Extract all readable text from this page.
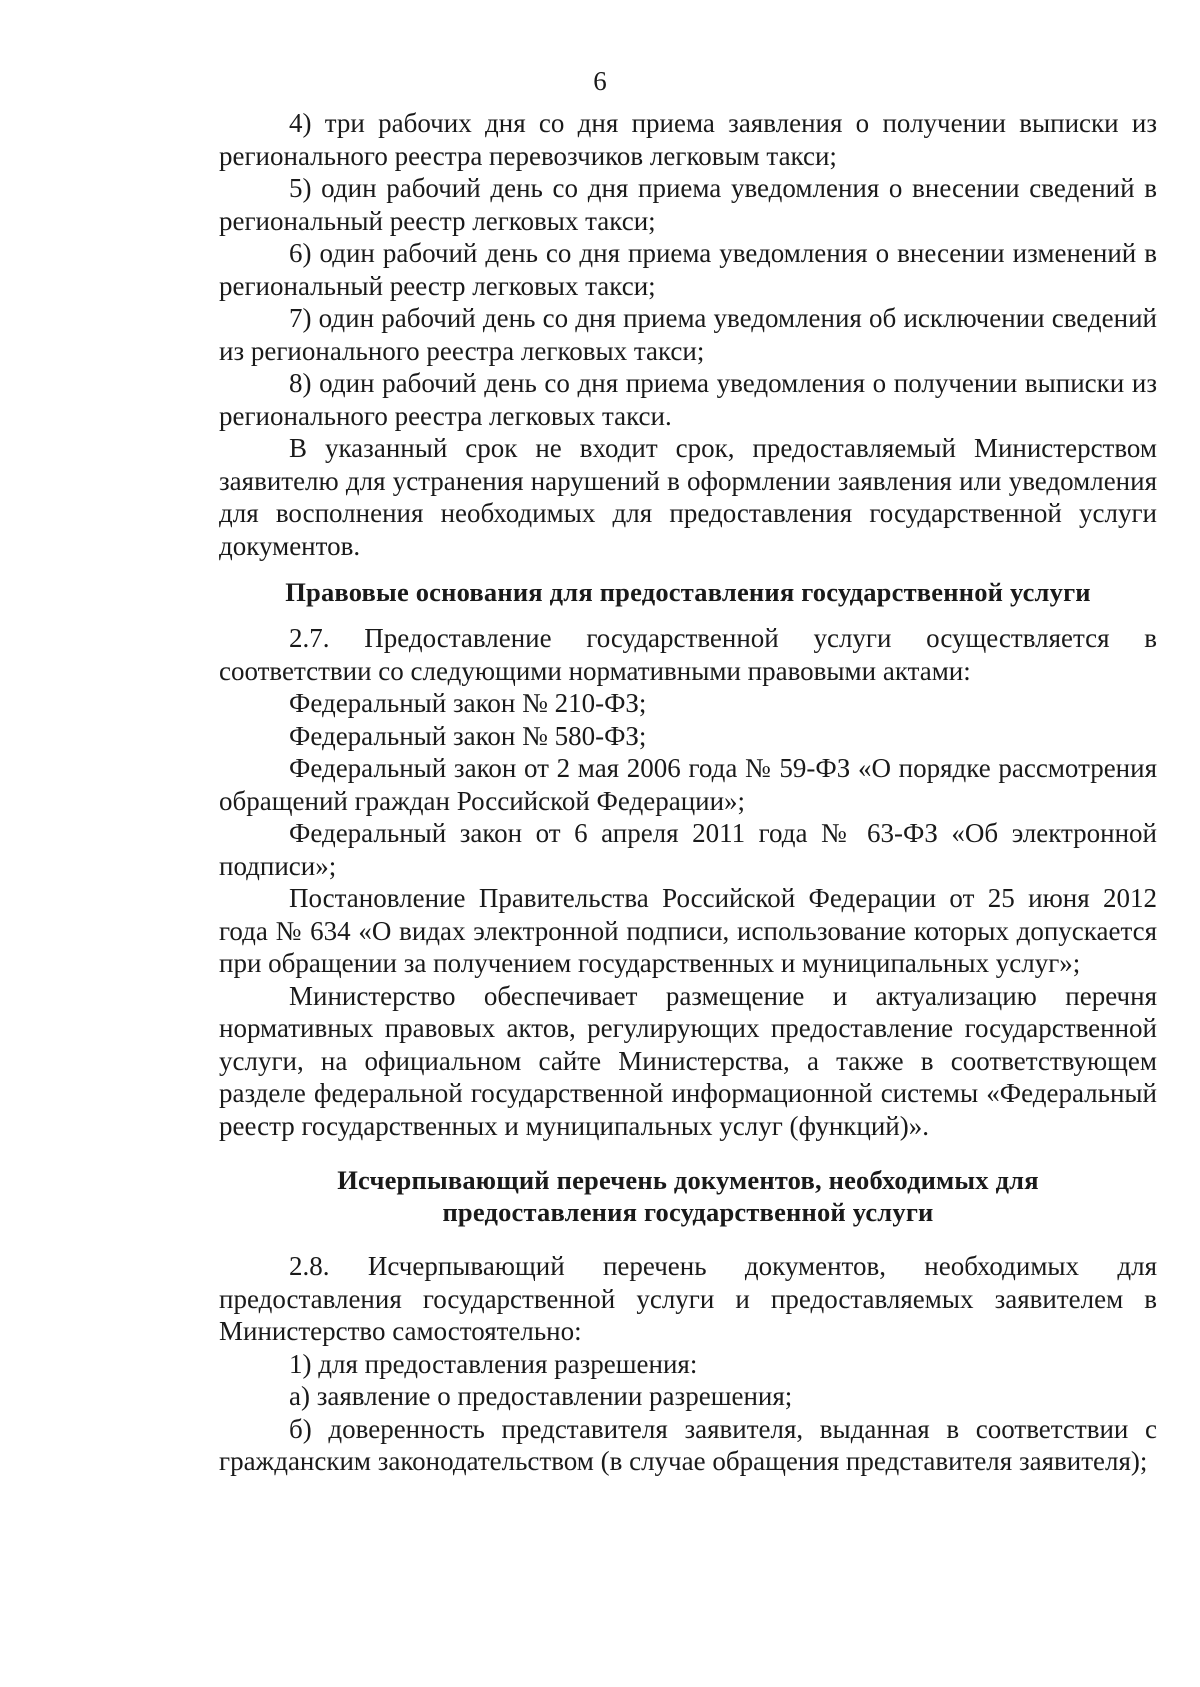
6

4) три рабочих дня со дня приема заявления о получении выписки из регионального реестра перевозчиков легковым такси;

5) один рабочий день со дня приема уведомления о внесении сведений в региональный реестр легковых такси;

6) один рабочий день со дня приема уведомления о внесении изменений в региональный реестр легковых такси;

7) один рабочий день со дня приема уведомления об исключении сведений из регионального реестра легковых такси;

8) один рабочий день со дня приема уведомления о получении выписки из регионального реестра легковых такси.

В указанный срок не входит срок, предоставляемый Министерством заявителю для устранения нарушений в оформлении заявления или уведомления для восполнения необходимых для предоставления государственной услуги документов.

Правовые основания для предоставления государственной услуги

2.7. Предоставление государственной услуги осуществляется в соответствии со следующими нормативными правовыми актами:

Федеральный закон № 210-ФЗ;

Федеральный закон № 580-ФЗ;

Федеральный закон от 2 мая 2006 года № 59-ФЗ «О порядке рассмотрения обращений граждан Российской Федерации»;

Федеральный закон от 6 апреля 2011 года № 63-ФЗ «Об электронной подписи»;

Постановление Правительства Российской Федерации от 25 июня 2012 года № 634 «О видах электронной подписи, использование которых допускается при обращении за получением государственных и муниципальных услуг»;

Министерство обеспечивает размещение и актуализацию перечня нормативных правовых актов, регулирующих предоставление государственной услуги, на официальном сайте Министерства, а также в соответствующем разделе федеральной государственной информационной системы «Федеральный реестр государственных и муниципальных услуг (функций)».

Исчерпывающий перечень документов, необходимых для
предоставления государственной услуги

2.8. Исчерпывающий перечень документов, необходимых для предоставления государственной услуги и предоставляемых заявителем в Министерство самостоятельно:

1) для предоставления разрешения:

а) заявление о предоставлении разрешения;

б) доверенность представителя заявителя, выданная в соответствии с гражданским законодательством (в случае обращения представителя заявителя);
